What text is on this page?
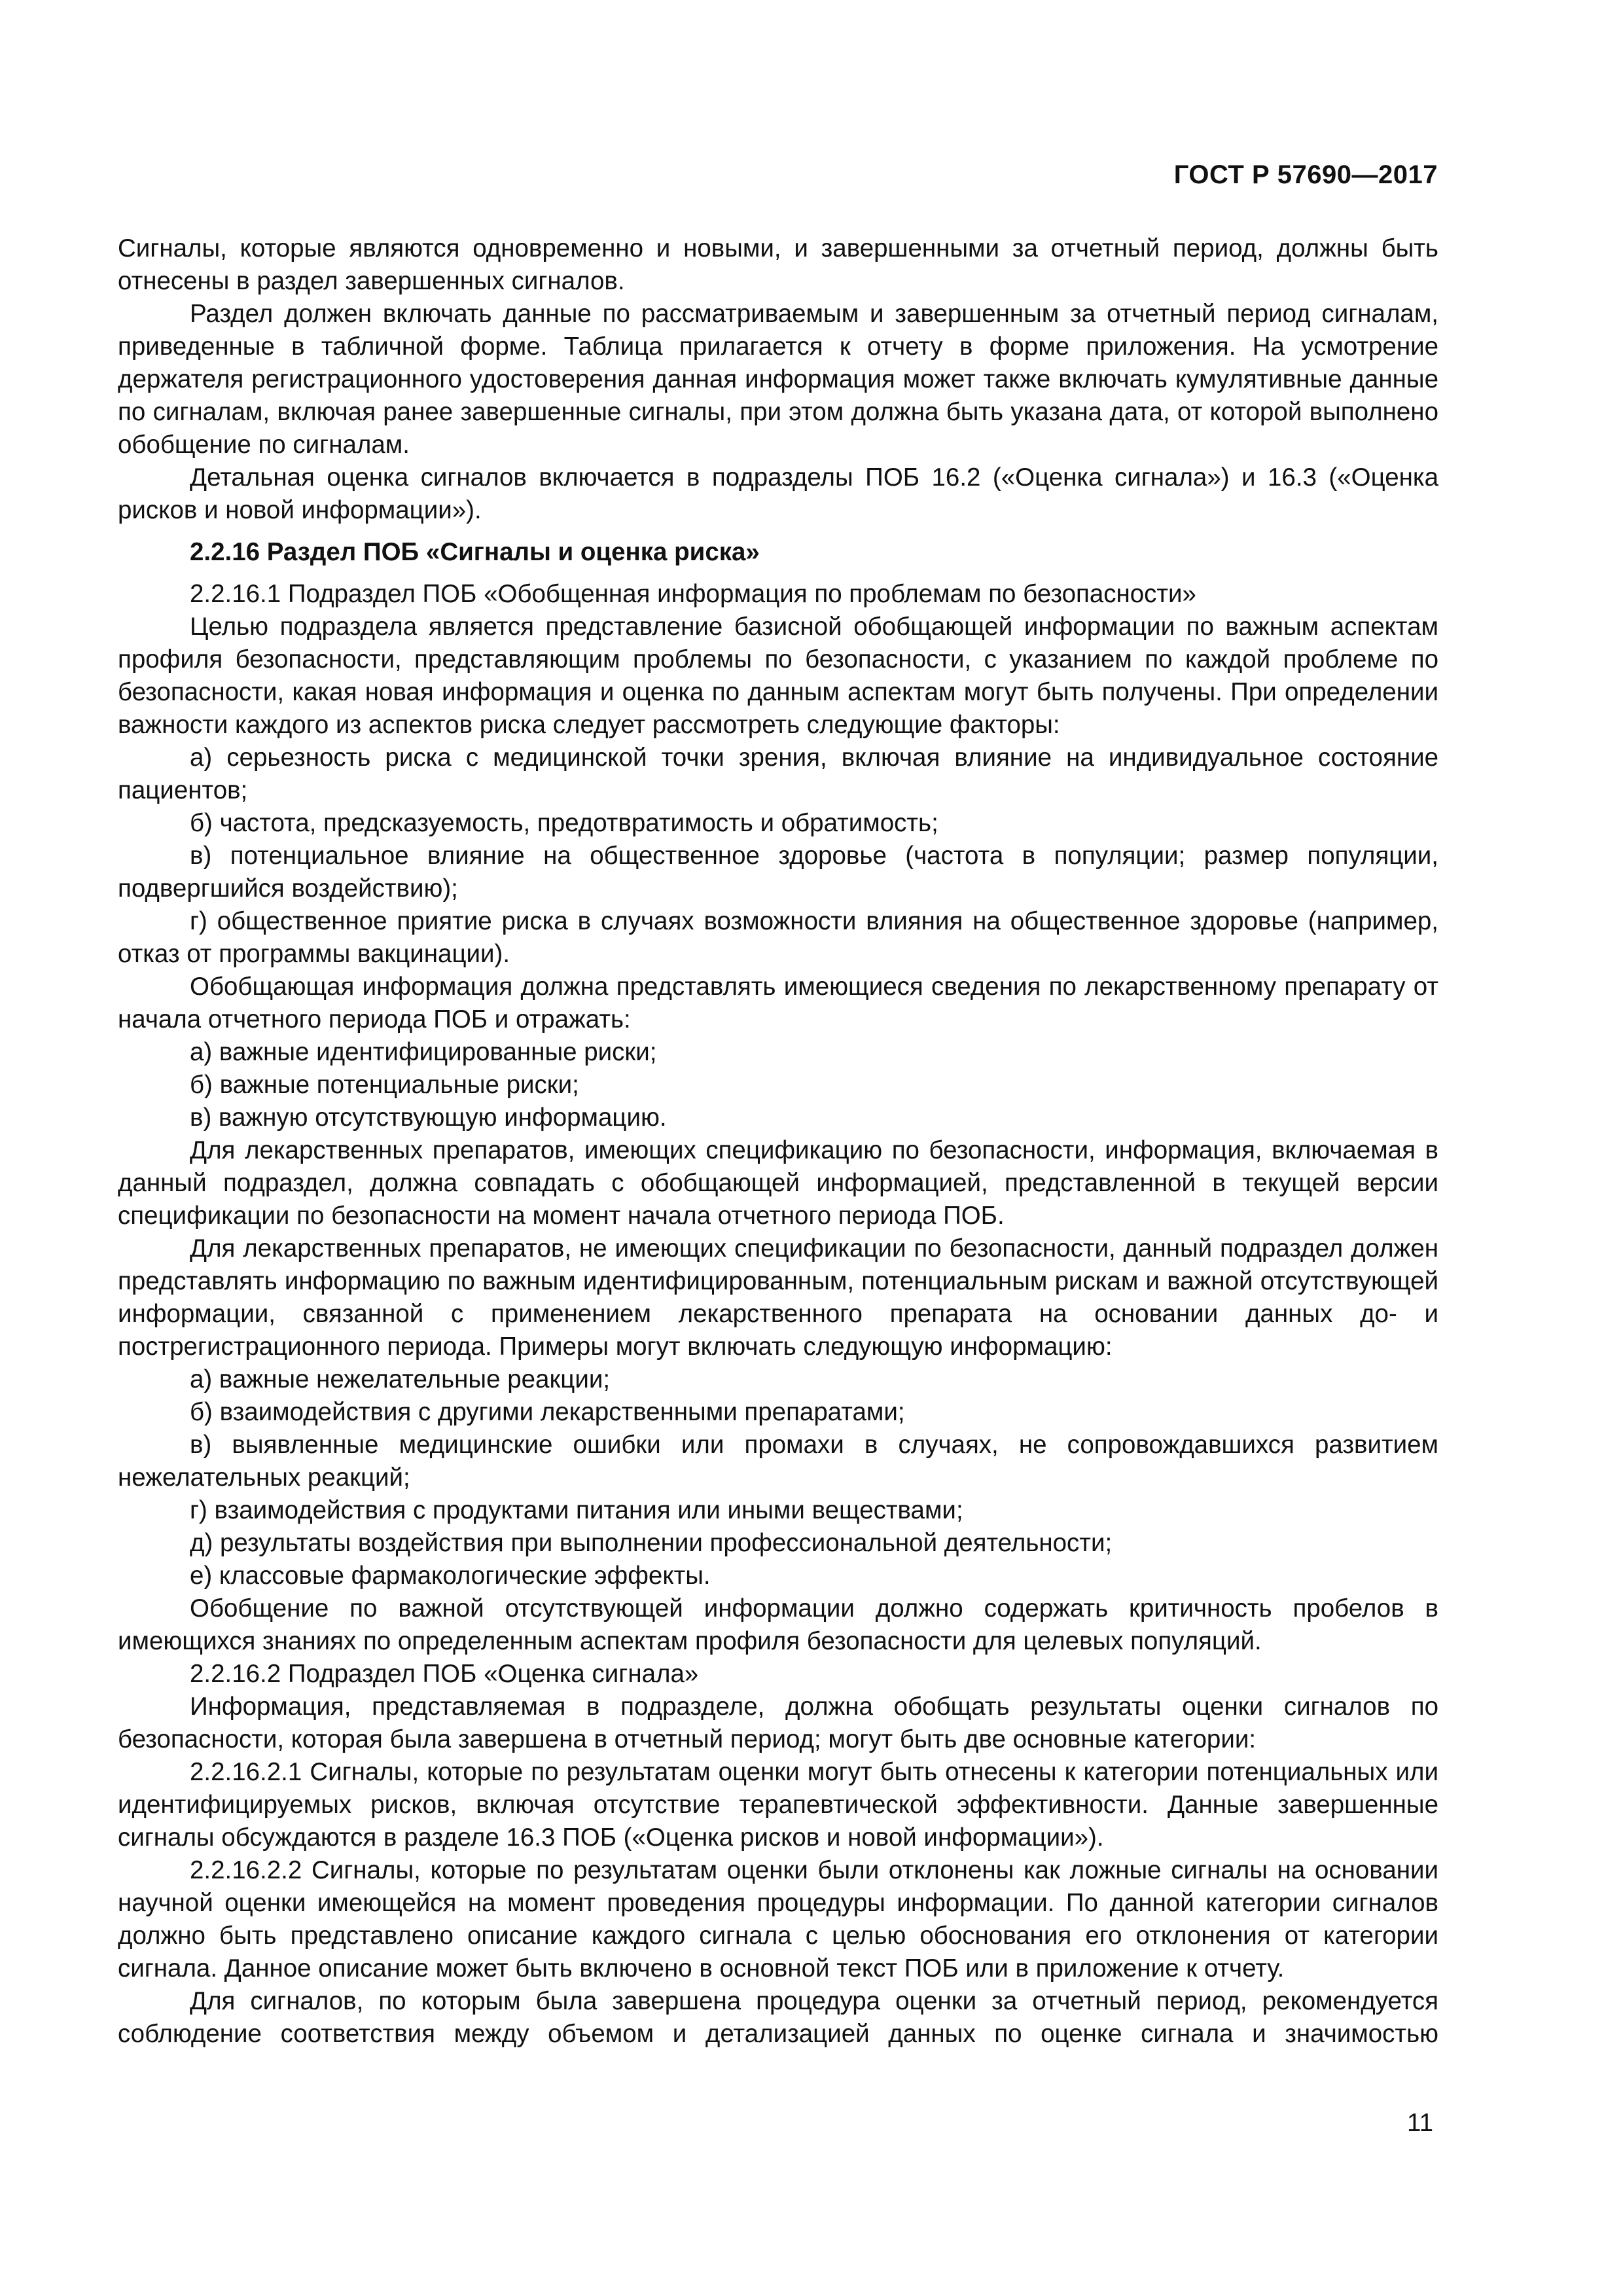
ГОСТ Р 57690—2017

Сигналы, которые являются одновременно и новыми, и завершенными за отчетный период, должны быть отнесены в раздел завершенных сигналов.

Раздел должен включать данные по рассматриваемым и завершенным за отчетный период сигналам, приведенные в табличной форме. Таблица прилагается к отчету в форме приложения. На усмотрение держателя регистрационного удостоверения данная информация может также включать кумулятивные данные по сигналам, включая ранее завершенные сигналы, при этом должна быть указана дата, от которой выполнено обобщение по сигналам.

Детальная оценка сигналов включается в подразделы ПОБ 16.2 («Оценка сигнала») и 16.3 («Оценка рисков и новой информации»).

2.2.16 Раздел ПОБ «Сигналы и оценка риска»

2.2.16.1 Подраздел ПОБ «Обобщенная информация по проблемам по безопасности»

Целью подраздела является представление базисной обобщающей информации по важным аспектам профиля безопасности, представляющим проблемы по безопасности, с указанием по каждой проблеме по безопасности, какая новая информация и оценка по данным аспектам могут быть получены. При определении важности каждого из аспектов риска следует рассмотреть следующие факторы:

а) серьезность риска с медицинской точки зрения, включая влияние на индивидуальное состояние пациентов;

б) частота, предсказуемость, предотвратимость и обратимость;

в) потенциальное влияние на общественное здоровье (частота в популяции; размер популяции, подвергшийся воздействию);

г) общественное приятие риска в случаях возможности влияния на общественное здоровье (например, отказ от программы вакцинации).

Обобщающая информация должна представлять имеющиеся сведения по лекарственному препарату от начала отчетного периода ПОБ и отражать:

а) важные идентифицированные риски;

б) важные потенциальные риски;

в) важную отсутствующую информацию.

Для лекарственных препаратов, имеющих спецификацию по безопасности, информация, включаемая в данный подраздел, должна совпадать с обобщающей информацией, представленной в текущей версии спецификации по безопасности на момент начала отчетного периода ПОБ.

Для лекарственных препаратов, не имеющих спецификации по безопасности, данный подраздел должен представлять информацию по важным идентифицированным, потенциальным рискам и важной отсутствующей информации, связанной с применением лекарственного препарата на основании данных до- и пострегистрационного периода. Примеры могут включать следующую информацию:

а) важные нежелательные реакции;

б) взаимодействия с другими лекарственными препаратами;

в) выявленные медицинские ошибки или промахи в случаях, не сопровождавшихся развитием нежелательных реакций;

г) взаимодействия с продуктами питания или иными веществами;

д) результаты воздействия при выполнении профессиональной деятельности;

е) классовые фармакологические эффекты.

Обобщение по важной отсутствующей информации должно содержать критичность пробелов в имеющихся знаниях по определенным аспектам профиля безопасности для целевых популяций.

2.2.16.2 Подраздел ПОБ «Оценка сигнала»

Информация, представляемая в подразделе, должна обобщать результаты оценки сигналов по безопасности, которая была завершена в отчетный период; могут быть две основные категории:

2.2.16.2.1 Сигналы, которые по результатам оценки могут быть отнесены к категории потенциальных или идентифицируемых рисков, включая отсутствие терапевтической эффективности. Данные завершенные сигналы обсуждаются в разделе 16.3 ПОБ («Оценка рисков и новой информации»).

2.2.16.2.2 Сигналы, которые по результатам оценки были отклонены как ложные сигналы на основании научной оценки имеющейся на момент проведения процедуры информации. По данной категории сигналов должно быть представлено описание каждого сигнала с целью обоснования его отклонения от категории сигнала. Данное описание может быть включено в основной текст ПОБ или в приложение к отчету.

Для сигналов, по которым была завершена процедура оценки за отчетный период, рекомендуется соблюдение соответствия между объемом и детализацией данных по оценке сигнала и значимостью

11
